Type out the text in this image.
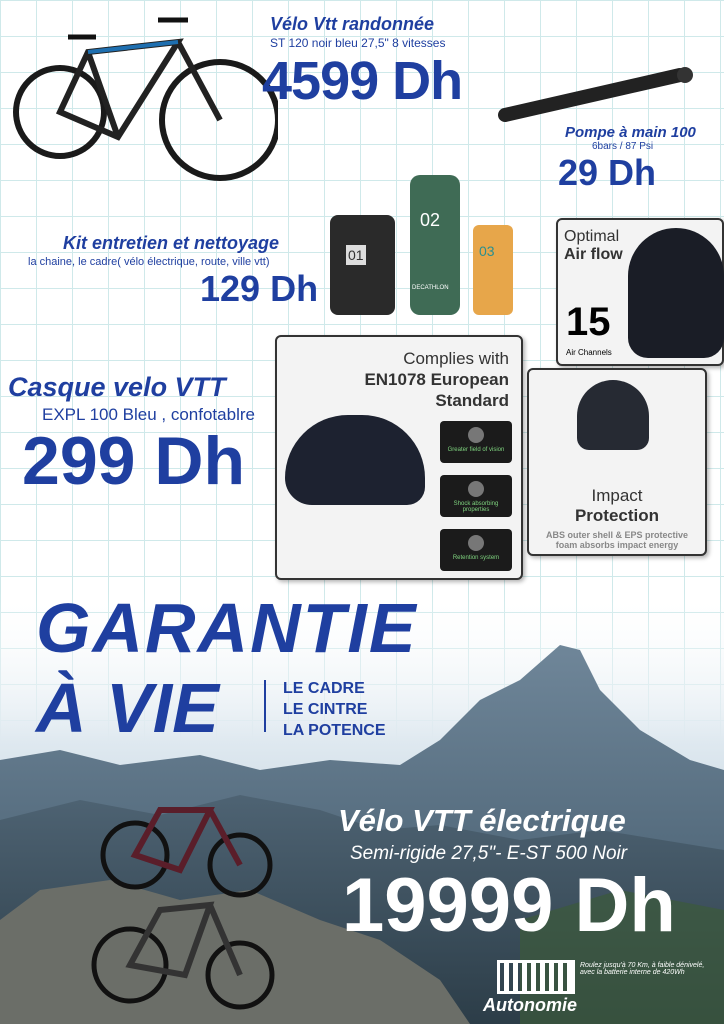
Vélo Vtt randonnée
ST 120 noir bleu 27,5" 8 vitesses
4599 Dh
Pompe à main 100
6bars / 87 Psi
29 Dh
Kit entretien et nettoyage
la chaine, le cadre( vélo électrique, route, ville vtt)
129 Dh
01
02
DECATHLON
03
Optimal
Air flow
15
Air Channels
Casque velo VTT
EXPL 100 Bleu , confotablre
299 Dh
Complies with
EN1078 European
Standard
Greater field of vision
Shock absorbing properties
Retention system
Impact
Protection
ABS outer shell & EPS protective foam absorbs impact energy
GARANTIE
À VIE	LE CADRE
LE CINTRE
LA POTENCE
Vélo VTT électrique
Semi-rigide 27,5"- E-ST 500 Noir
19999 Dh
Autonomie
Roulez jusqu'à 70 Km, à faible dénivelé, avec la batterie interne de 420Wh
